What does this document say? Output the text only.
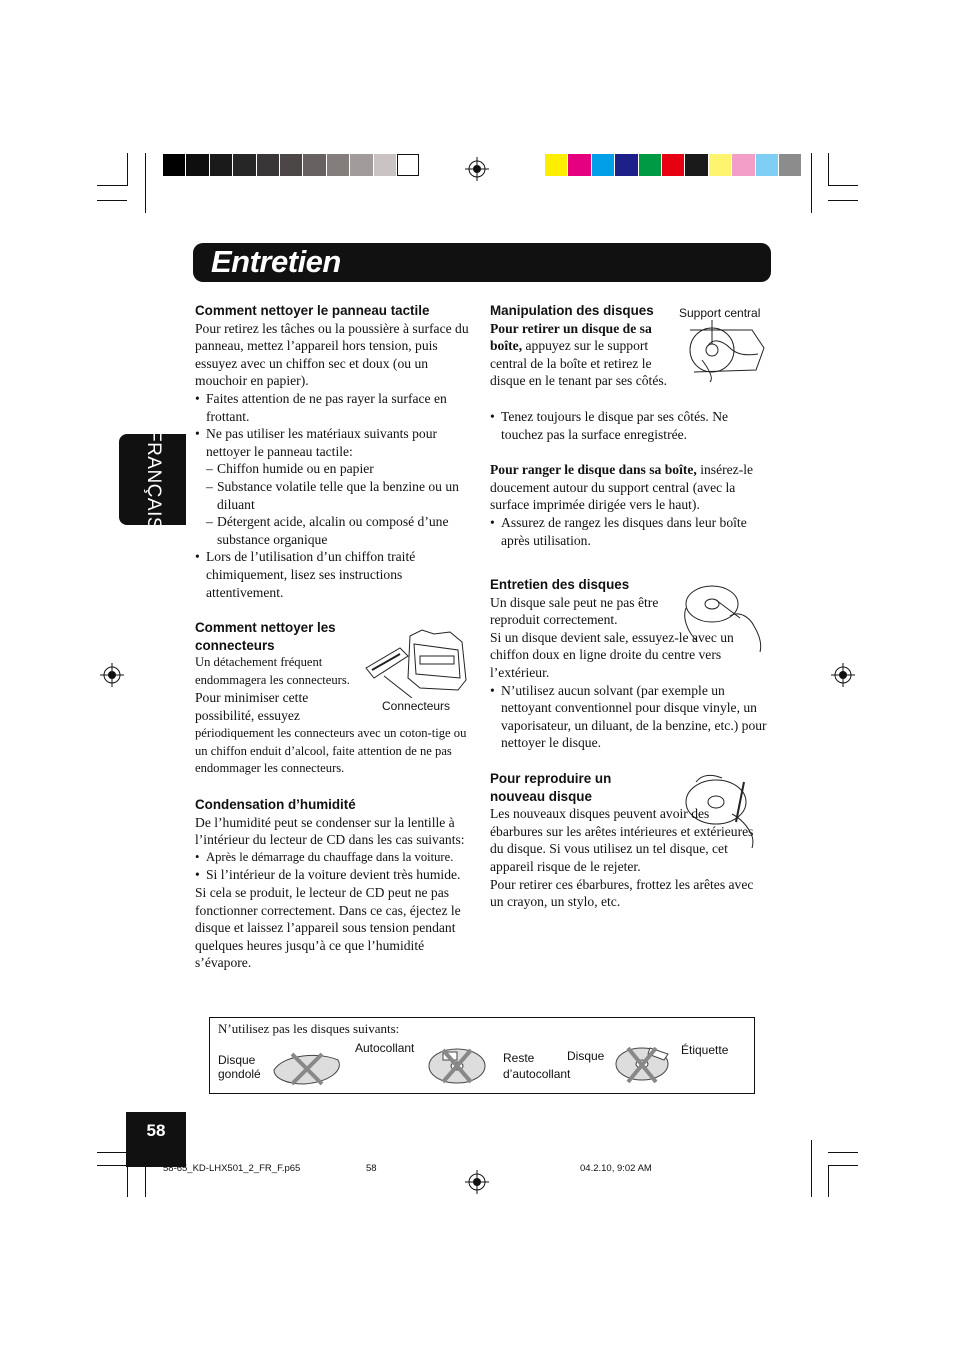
Entretien
FRANÇAIS
Comment nettoyer le panneau tactile

Pour retirez les tâches ou la poussière à surface du panneau, mettez l’appareil hors tension, puis essuyez avec un chiffon sec et doux (ou un mouchoir en papier).

• Faites attention de ne pas rayer la surface en frottant.

• Ne pas utiliser les matériaux suivants pour nettoyer le panneau tactile:

– Chiffon humide ou en papier

– Substance volatile telle que la benzine ou un diluant

– Détergent acide, alcalin ou composé d’une substance organique

• Lors de l’utilisation d’un chiffon traité chimiquement, lisez ses instructions attentivement.

Comment nettoyer les connecteurs

Un détachement fréquent endommagera les connecteurs.

Pour minimiser cette possibilité, essuyez

périodiquement les connecteurs avec un coton-tige ou un chiffon enduit d’alcool, faite attention de ne pas endommager les connecteurs.

Connecteurs
Condensation d’humidité

De l’humidité peut se condenser sur la lentille à l’intérieur du lecteur de CD dans les cas suivants:

• Après le démarrage du chauffage dans la voiture.

• Si l’intérieur de la voiture devient très humide.

Si cela se produit, le lecteur de CD peut ne pas fonctionner correctement. Dans ce cas, éjectez le disque et laissez l’appareil sous tension pendant quelques heures jusqu’à ce que l’humidité s’évapore.

Manipulation des disques

Pour retirer un disque de sa boîte, appuyez sur le support central de la boîte et retirez le disque en le tenant par ses côtés.

Support central

• Tenez toujours le disque par ses côtés. Ne touchez pas la surface enregistrée.

Pour ranger le disque dans sa boîte, insérez-le doucement autour du support central (avec la surface imprimée dirigée vers le haut).

• Assurez de rangez les disques dans leur boîte après utilisation.

Entretien des disques

Un disque sale peut ne pas être reproduit correctement.

Si un disque devient sale, essuyez-le avec un chiffon doux en ligne droite du centre vers l’extérieur.

• N’utilisez aucun solvant (par exemple un nettoyant conventionnel pour disque vinyle, un vaporisateur, un diluant, de la benzine, etc.) pour nettoyer le disque.

Pour reproduire un nouveau disque

Les nouveaux disques peuvent avoir des ébarbures sur les arêtes intérieures et extérieures du disque. Si vous utilisez un tel disque, cet appareil risque de le rejeter.

Pour retirer ces ébarbures, frottez les arêtes avec un crayon, un stylo, etc.

N’utilisez pas les disques suivants:
Disque
gondolé
Autocollant
Reste
d’autocollant
Disque	Étiquette
58
58-65_KD-LHX501_2_FR_F.p65	58	04.2.10, 9:02 AM
